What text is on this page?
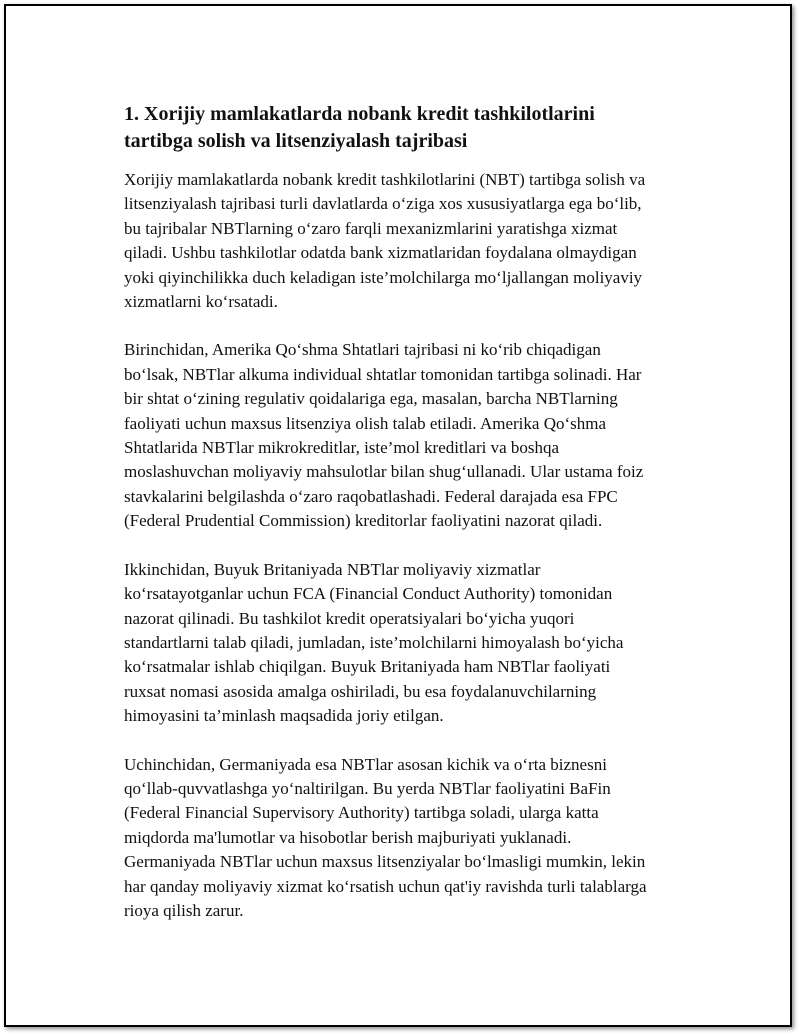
1. Xorijiy mamlakatlarda nobank kredit tashkilotlarini
tartibga solish va litsenziyalash tajribasi

Xorijiy mamlakatlarda nobank kredit tashkilotlarini (NBT) tartibga solish va
litsenziyalash tajribasi turli davlatlarda o‘ziga xos xususiyatlarga ega bo‘lib,
bu tajribalar NBTlarning o‘zaro farqli mexanizmlarini yaratishga xizmat
qiladi. Ushbu tashkilotlar odatda bank xizmatlaridan foydalana olmaydigan
yoki qiyinchilikka duch keladigan iste’molchilarga mo‘ljallangan moliyaviy
xizmatlarni ko‘rsatadi.

Birinchidan, Amerika Qo‘shma Shtatlari tajribasi ni ko‘rib chiqadigan
bo‘lsak, NBTlar alkuma individual shtatlar tomonidan tartibga solinadi. Har
bir shtat o‘zining regulativ qoidalariga ega, masalan, barcha NBTlarning
faoliyati uchun maxsus litsenziya olish talab etiladi. Amerika Qo‘shma
Shtatlarida NBTlar mikrokreditlar, iste’mol kreditlari va boshqa
moslashuvchan moliyaviy mahsulotlar bilan shug‘ullanadi. Ular ustama foiz
stavkalarini belgilashda o‘zaro raqobatlashadi. Federal darajada esa FPC
(Federal Prudential Commission) kreditorlar faoliyatini nazorat qiladi.

Ikkinchidan, Buyuk Britaniyada NBTlar moliyaviy xizmatlar
ko‘rsatayotganlar uchun FCA (Financial Conduct Authority) tomonidan
nazorat qilinadi. Bu tashkilot kredit operatsiyalari bo‘yicha yuqori
standartlarni talab qiladi, jumladan, iste’molchilarni himoyalash bo‘yicha
ko‘rsatmalar ishlab chiqilgan. Buyuk Britaniyada ham NBTlar faoliyati
ruxsat nomasi asosida amalga oshiriladi, bu esa foydalanuvchilarning
himoyasini ta’minlash maqsadida joriy etilgan.

Uchinchidan, Germaniyada esa NBTlar asosan kichik va o‘rta biznesni
qo‘llab-quvvatlashga yo‘naltirilgan. Bu yerda NBTlar faoliyatini BaFin
(Federal Financial Supervisory Authority) tartibga soladi, ularga katta
miqdorda ma'lumotlar va hisobotlar berish majburiyati yuklanadi.
Germaniyada NBTlar uchun maxsus litsenziyalar bo‘lmasligi mumkin, lekin
har qanday moliyaviy xizmat ko‘rsatish uchun qat'iy ravishda turli talablarga
rioya qilish zarur.
